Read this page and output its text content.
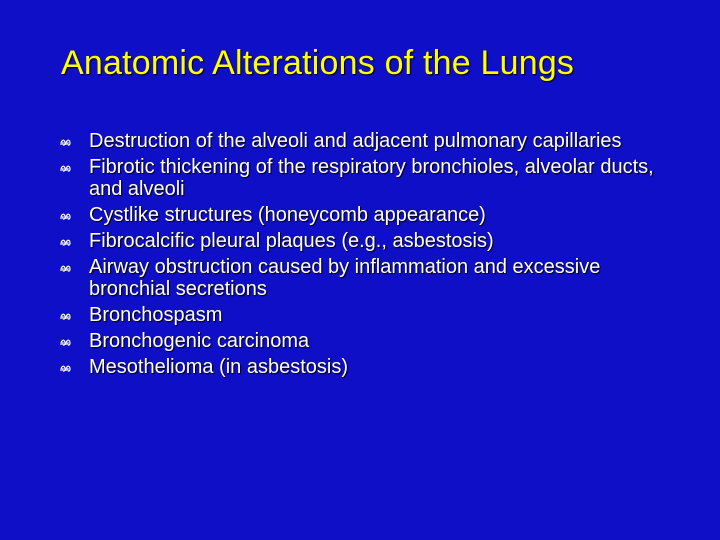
Anatomic Alterations of the Lungs
Destruction of the alveoli and adjacent pulmonary capillaries
Fibrotic thickening of the respiratory bronchioles, alveolar ducts, and alveoli
Cystlike structures (honeycomb appearance)
Fibrocalcific pleural plaques (e.g., asbestosis)
Airway obstruction caused by inflammation and excessive bronchial secretions
Bronchospasm
Bronchogenic carcinoma
Mesothelioma (in asbestosis)
